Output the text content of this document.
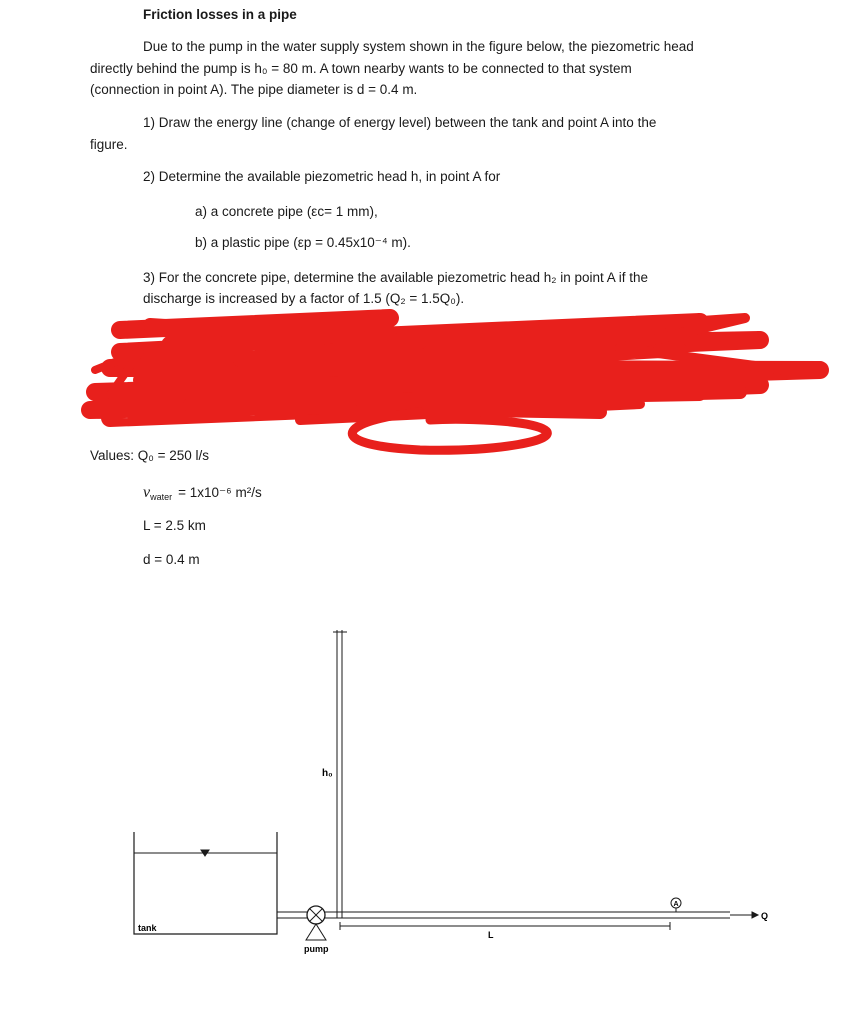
Friction losses in a pipe
Due to the pump in the water supply system shown in the figure below, the piezometric head
directly behind the pump is h₀ = 80 m. A town nearby wants to be connected to that system
(connection in point A). The pipe diameter is d = 0.4 m.
1) Draw the energy line (change of energy level) between the tank and point A into the
figure.
2) Determine the available piezometric head h, in point A for
a) a concrete pipe (εc= 1 mm),
b) a plastic pipe (εp = 0.45x10⁻⁴ m).
3) For the concrete pipe, determine the available piezometric head h₂ in point A if the
discharge is increased by a factor of 1.5 (Q₂ = 1.5Q₀).
Values: Q₀ = 250 l/s
$\nu_{water} = 1x10^{-6}$ m²/s
L = 2.5 km
d = 0.4 m
h₀
tank
pump
L
A
Q
